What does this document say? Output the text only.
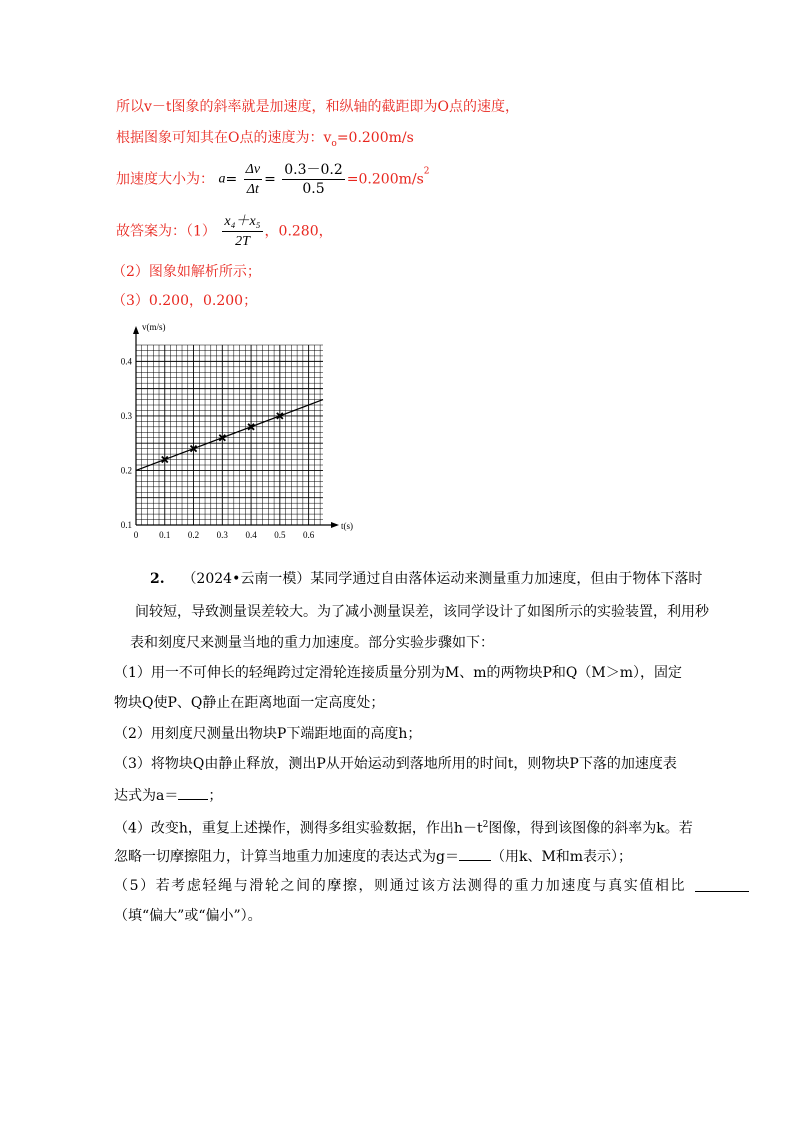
所以v－t图象的斜率就是加速度，和纵轴的截距即为O点的速度，
根据图象可知其在O点的速度为：$v_o=0.200m/s$
加速度大小为： $a= \frac{\Delta v}{\Delta t} = \frac{0.3-0.2}{0.5} =0.200m/s^2$
故答案为：$(1) \frac{\text{x₄＋x₅}}{2T}$ ，0.280，
（2）图象如解析所示；
（3）0.200，0.200；
v(m/s)
t(s)
0.1
0.2
0.3
0.4
0 0.1 0.2 0.3 0.4 0.5 0.6
2. （2024•云南一模）某同学通过自由落体运动来测量重力加速度，但由于物体下落时
间较短，导致测量误差较大。为了减小测量误差，该同学设计了如图所示的实验装置，利用秒
表和刻度尺来测量当地的重力加速度。部分实验步骤如下：
（1）用一不可伸长的轻绳跨过定滑轮连接质量分别为M、m的两物块P和Q（M＞m），固定
物块Q使P、Q静止在距离地面一定高度处；
（2）用刻度尺测量出物块P下端距地面的高度h；
（3）将物块Q由静止释放，测出P从开始运动到落地所用的时间t，则物块P下落的加速度表
达式为a＝ ；
（4）改变h，重复上述操作，测得多组实验数据，作出$h-t^2$图像，得到该图像的斜率为k。若
忽略一切摩擦阻力，计算当地重力加速度的表达式为g＝ （用k、M和m表示）；
（5）若考虑轻绳与滑轮之间的摩擦，则通过该方法测得的重力加速度与真实值相比
（填“偏大”或“偏小”）。
